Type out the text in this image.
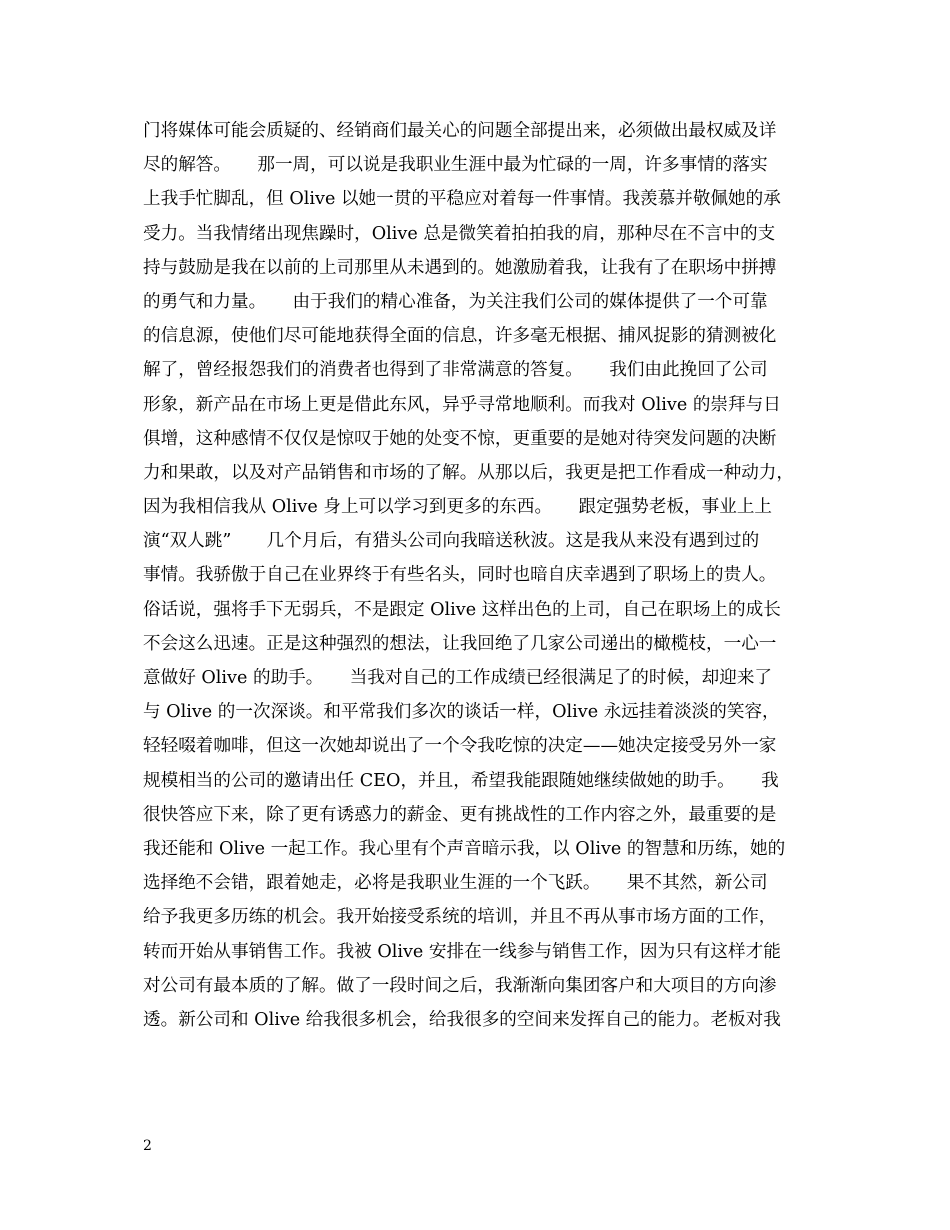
门将媒体可能会质疑的、经销商们最关心的问题全部提出来，必须做出最权威及详
尽的解答。　　那一周，可以说是我职业生涯中最为忙碌的一周，许多事情的落实
上我手忙脚乱，但 Olive 以她一贯的平稳应对着每一件事情。我羡慕并敬佩她的承
受力。当我情绪出现焦躁时，Olive 总是微笑着拍拍我的肩，那种尽在不言中的支
持与鼓励是我在以前的上司那里从未遇到的。她激励着我，让我有了在职场中拼搏
的勇气和力量。　　由于我们的精心准备，为关注我们公司的媒体提供了一个可靠
的信息源，使他们尽可能地获得全面的信息，许多毫无根据、捕风捉影的猜测被化
解了，曾经报怨我们的消费者也得到了非常满意的答复。　　我们由此挽回了公司
形象，新产品在市场上更是借此东风，异乎寻常地顺利。而我对 Olive 的崇拜与日
俱增，这种感情不仅仅是惊叹于她的处变不惊，更重要的是她对待突发问题的决断
力和果敢，以及对产品销售和市场的了解。从那以后，我更是把工作看成一种动力，
因为我相信我从 Olive 身上可以学习到更多的东西。　　跟定强势老板，事业上上
演“双人跳”　　几个月后，有猎头公司向我暗送秋波。这是我从来没有遇到过的
事情。我骄傲于自己在业界终于有些名头，同时也暗自庆幸遇到了职场上的贵人。
俗话说，强将手下无弱兵，不是跟定 Olive 这样出色的上司，自己在职场上的成长
不会这么迅速。正是这种强烈的想法，让我回绝了几家公司递出的橄榄枝，一心一
意做好 Olive 的助手。　　当我对自己的工作成绩已经很满足了的时候，却迎来了
与 Olive 的一次深谈。和平常我们多次的谈话一样，Olive 永远挂着淡淡的笑容，
轻轻啜着咖啡，但这一次她却说出了一个令我吃惊的决定——她决定接受另外一家
规模相当的公司的邀请出任 CEO，并且，希望我能跟随她继续做她的助手。　　我
很快答应下来，除了更有诱惑力的薪金、更有挑战性的工作内容之外，最重要的是
我还能和 Olive 一起工作。我心里有个声音暗示我，以 Olive 的智慧和历练，她的
选择绝不会错，跟着她走，必将是我职业生涯的一个飞跃。　　果不其然，新公司
给予我更多历练的机会。我开始接受系统的培训，并且不再从事市场方面的工作，
转而开始从事销售工作。我被 Olive 安排在一线参与销售工作，因为只有这样才能
对公司有最本质的了解。做了一段时间之后，我渐渐向集团客户和大项目的方向渗
透。新公司和 Olive 给我很多机会，给我很多的空间来发挥自己的能力。老板对我
2
